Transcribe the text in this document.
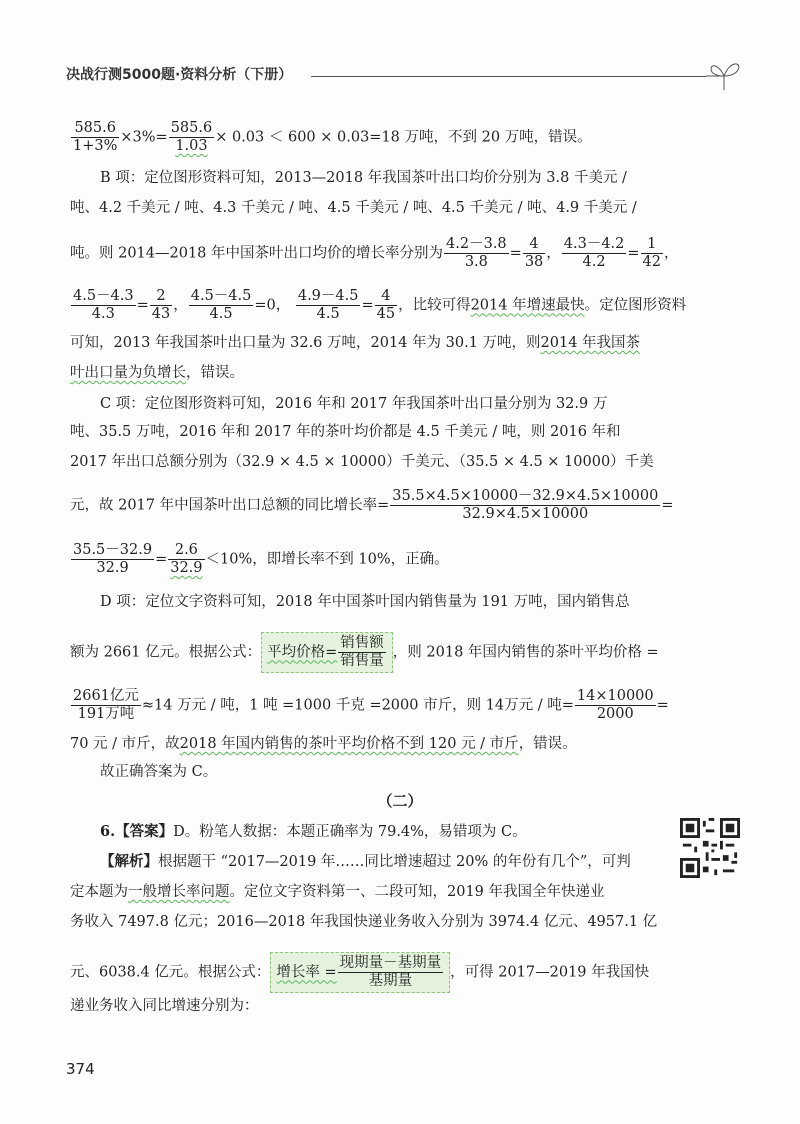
决战行测5000题·资料分析（下册）
$\frac{585.6}{1+3\%} \times 3\%= \frac{585.6}{1.03} \times 0.03 < 600 \times 0.03=18$ 万吨，不到 20 万吨，错误。
B 项：定位图形资料可知，2013—2018 年我国茶叶出口均价分别为 3.8 千美元 /
吨、4.2 千美元 / 吨、4.3 千美元 / 吨、4.5 千美元 / 吨、4.5 千美元 / 吨、4.9 千美元 /
吨。则 2014—2018 年中国茶叶出口均价的增长率分别为 $\frac{4.2-3.8}{3.8} = \frac{4}{38}$ ， $\frac{4.3-4.2}{4.2} = \frac{1}{42}$ ，
$\frac{4.5-4.3}{4.3} = \frac{2}{43}$ ， $\frac{4.5-4.5}{4.5} =0$， $\frac{4.9-4.5}{4.5} = \frac{4}{45}$ ，比较可得2014 年增速最快。定位图形资料
可知，2013 年我国茶叶出口量为 32.6 万吨，2014 年为 30.1 万吨，则2014 年我国茶
叶出口量为负增长，错误。
C 项：定位图形资料可知，2016 年和 2017 年我国茶叶出口量分别为 32.9 万
吨、35.5 万吨，2016 年和 2017 年的茶叶均价都是 4.5 千美元 / 吨，则 2016 年和
2017 年出口总额分别为（32.9 × 4.5 × 10000）千美元、（35.5 × 4.5 × 10000）千美
元，故 2017 年中国茶叶出口总额的同比增长率= $\frac{35.5\times 4.5\times 10000-32.9\times 4.5\times 10000}{32.9\times 4.5\times 10000}$ =
$\frac{35.5-32.9}{32.9} = \frac{2.6}{32.9} <10\%$，即增长率不到 10%，正确。
D 项：定位文字资料可知，2018 年中国茶叶国内销售量为 191 万吨，国内销售总
额为 2661 亿元。根据公式： 平均价格= $\frac{\text{销售额}}{\text{销售量}}$ ，则 2018 年国内销售的茶叶平均价格 =
$\frac{\text{2661亿元}}{\text{191万吨}} \approx 14$ 万元 / 吨，1 吨 =1000 千克 =2000 市斤，则 14万元 / 吨= $\frac{14\times 10000}{2000}$ =
70 元 / 市斤，故2018 年国内销售的茶叶平均价格不到 120 元 / 市斤，错误。
故正确答案为 C。
（二）
6.【答案】D。粉笔人数据：本题正确率为 79.4%，易错项为 C。
【解析】根据题干 “2017—2019 年……同比增速超过 20% 的年份有几个”，可判
定本题为一般增长率问题。定位文字资料第一、二段可知，2019 年我国全年快递业
务收入 7497.8 亿元；2016—2018 年我国快递业务收入分别为 3974.4 亿元、4957.1 亿
元、6038.4 亿元。根据公式： 增长率 = $\frac{\text{现期量－基期量}}{\text{基期量}}$ ，可得 2017—2019 年我国快
递业务收入同比增速分别为：
374
